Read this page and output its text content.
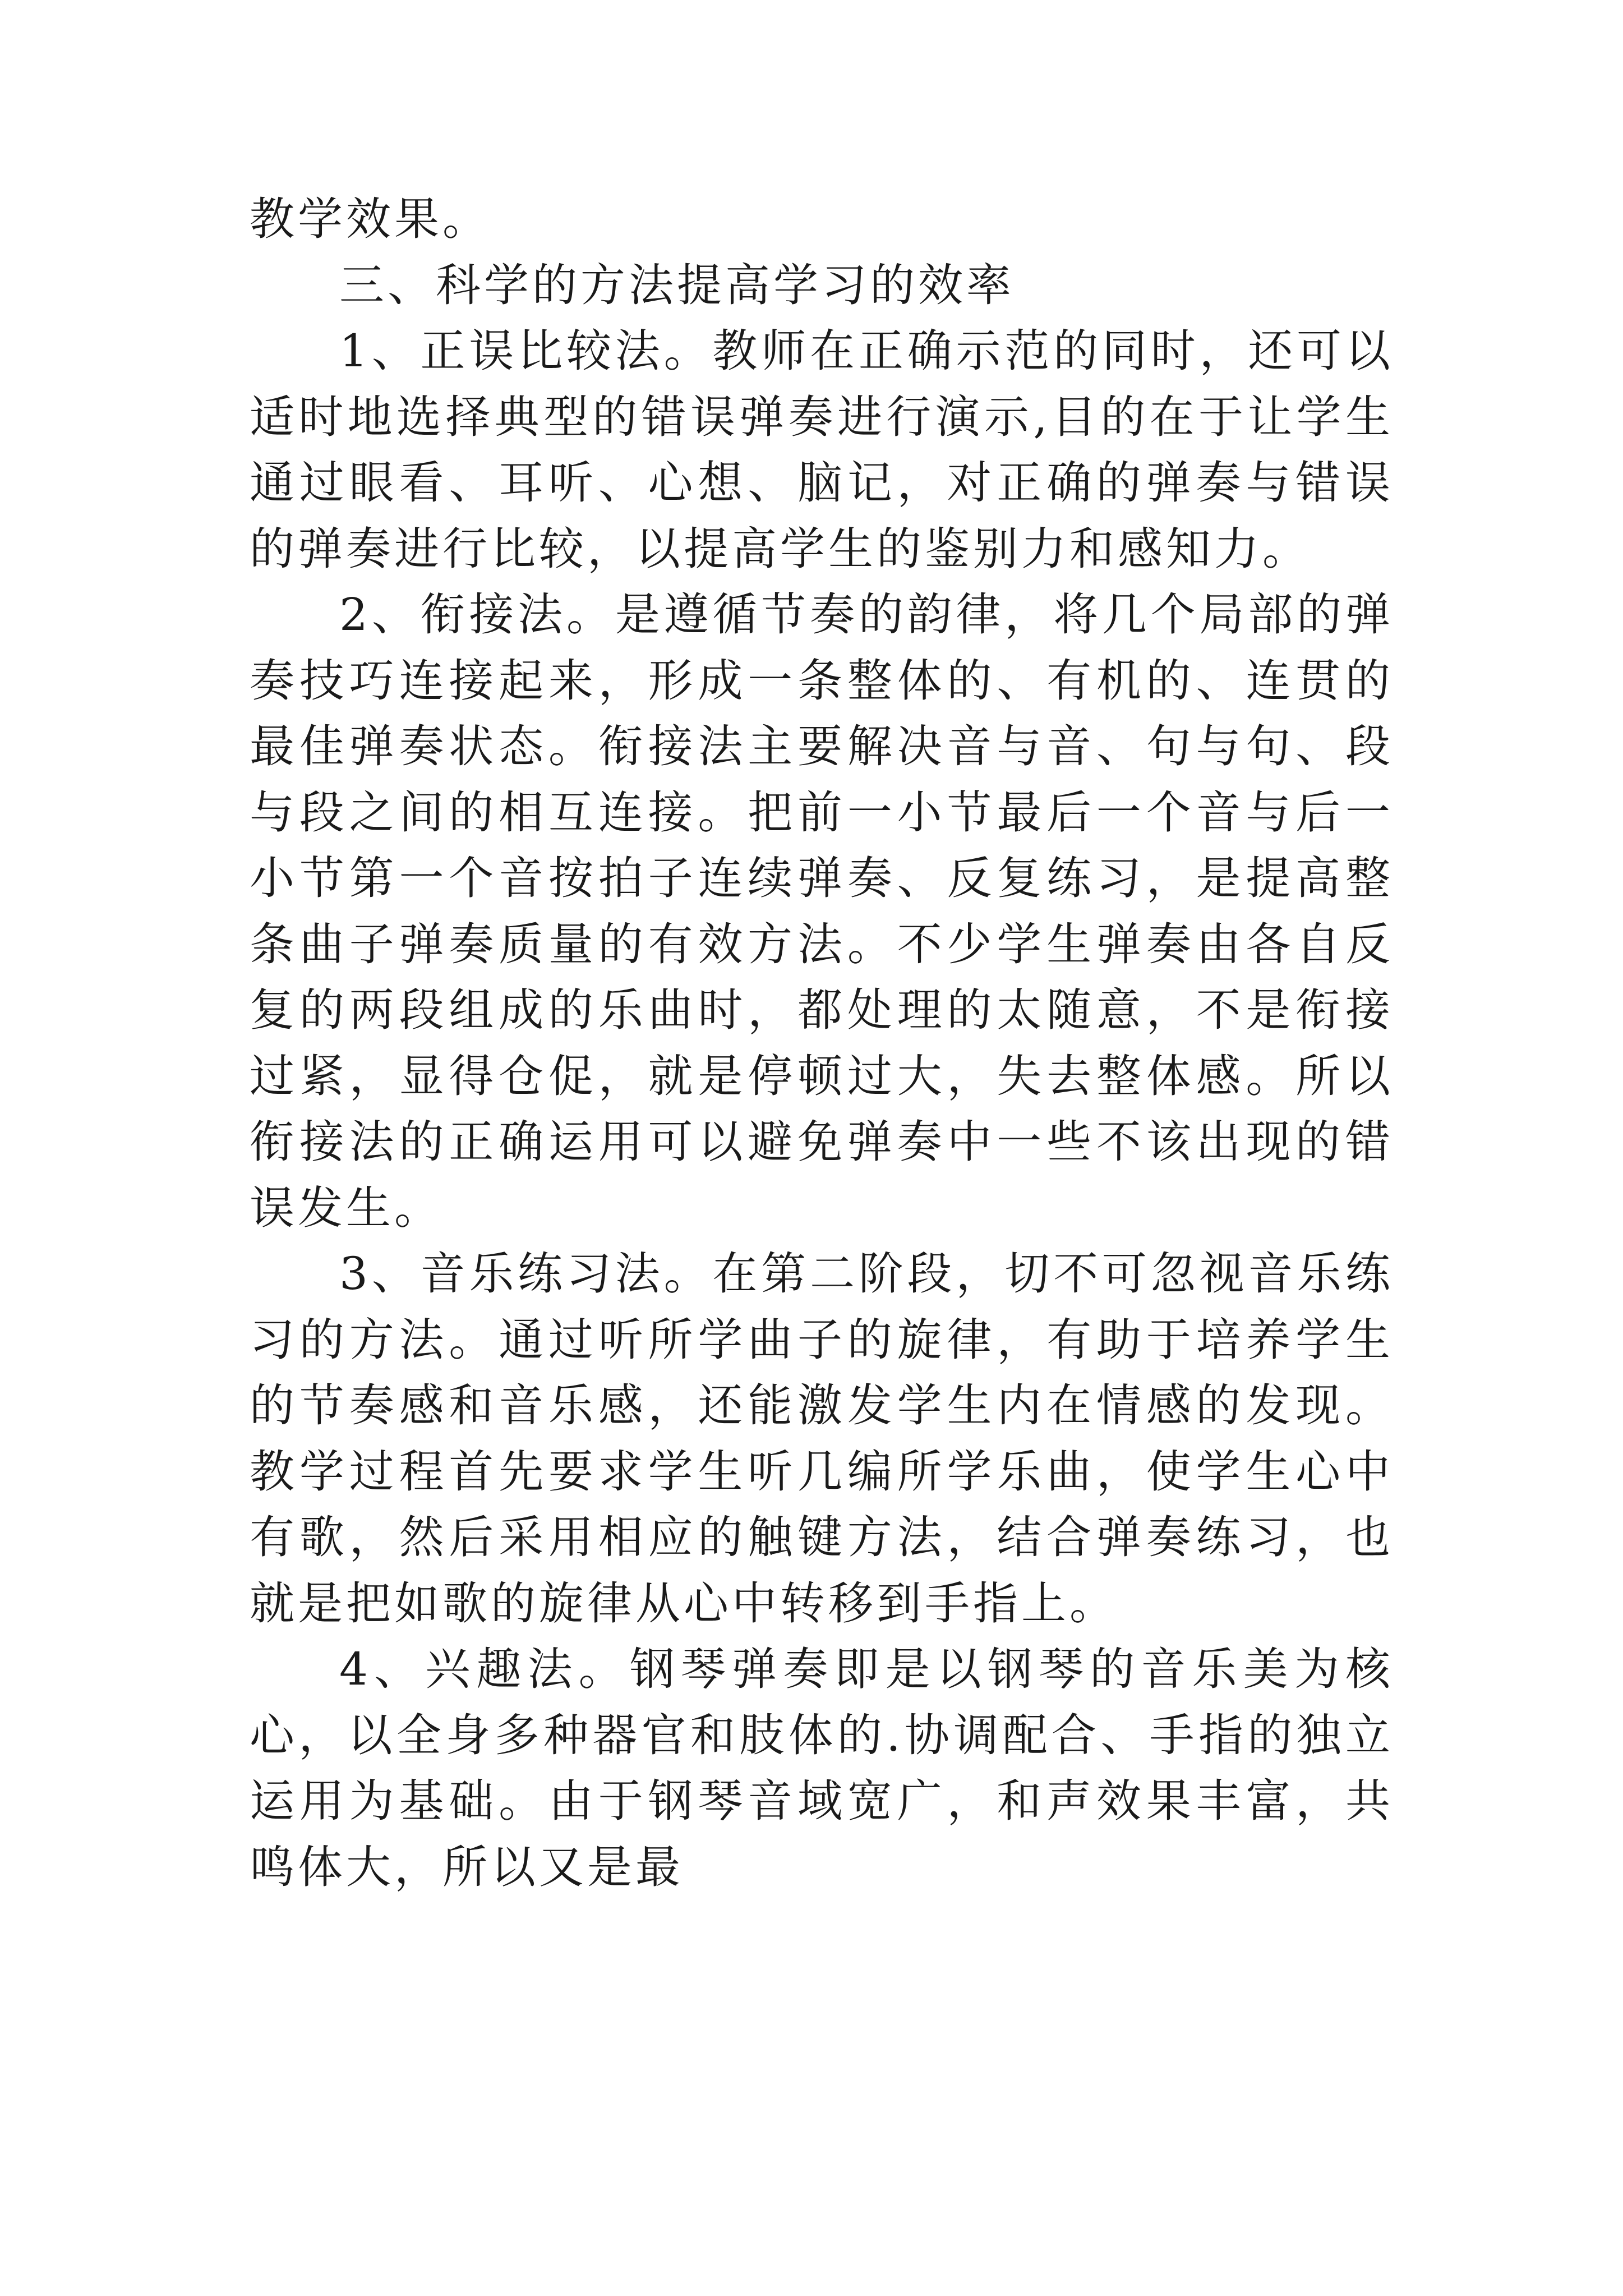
教学效果。

三、科学的方法提高学习的效率

1、正误比较法。教师在正确示范的同时，还可以适时地选择典型的错误弹奏进行演示,目的在于让学生通过眼看、耳听、心想、脑记，对正确的弹奏与错误的弹奏进行比较，以提高学生的鉴别力和感知力。

2、衔接法。是遵循节奏的韵律，将几个局部的弹奏技巧连接起来，形成一条整体的、有机的、连贯的最佳弹奏状态。衔接法主要解决音与音、句与句、段与段之间的相互连接。把前一小节最后一个音与后一小节第一个音按拍子连续弹奏、反复练习，是提高整条曲子弹奏质量的有效方法。不少学生弹奏由各自反复的两段组成的乐曲时，都处理的太随意，不是衔接过紧，显得仓促，就是停顿过大，失去整体感。所以衔接法的正确运用可以避免弹奏中一些不该出现的错误发生。

3、音乐练习法。在第二阶段，切不可忽视音乐练习的方法。通过听所学曲子的旋律，有助于培养学生的节奏感和音乐感，还能激发学生内在情感的发现。教学过程首先要求学生听几编所学乐曲，使学生心中有歌，然后采用相应的触键方法，结合弹奏练习，也就是把如歌的旋律从心中转移到手指上。

4、兴趣法。钢琴弹奏即是以钢琴的音乐美为核心，以全身多种器官和肢体的.协调配合、手指的独立运用为基础。由于钢琴音域宽广，和声效果丰富，共鸣体大，所以又是最
